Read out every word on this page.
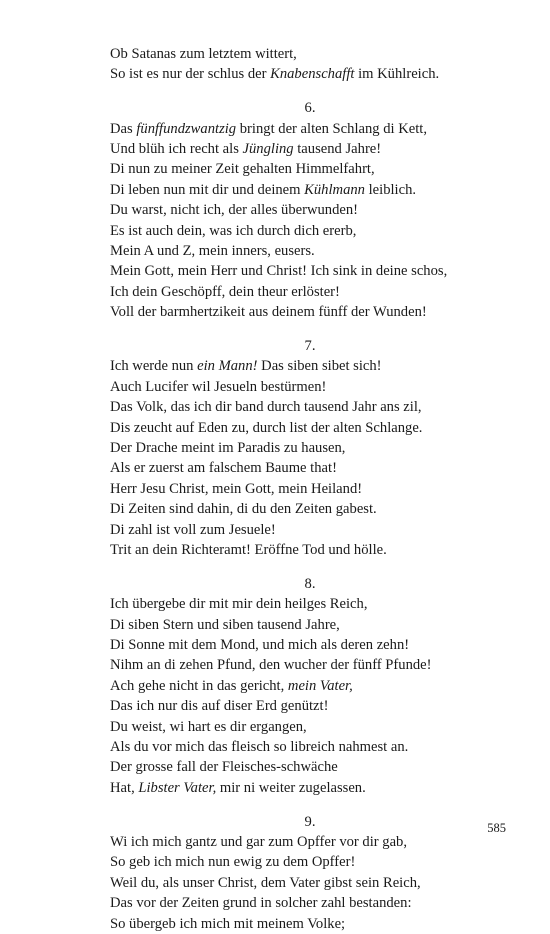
Ob Satanas zum letztem wittert,
So ist es nur der schlus der Knabenschafft im Kühlreich.
6.
Das fünffundzwantzig bringt der alten Schlang di Kett,
Und blüh ich recht als Jüngling tausend Jahre!
Di nun zu meiner Zeit gehalten Himmelfahrt,
Di leben nun mit dir und deinem Kühlmann leiblich.
Du warst, nicht ich, der alles überwunden!
Es ist auch dein, was ich durch dich ererb,
Mein A und Z, mein inners, eusers.
Mein Gott, mein Herr und Christ! Ich sink in deine schos,
Ich dein Geschöpff, dein theur erlöster!
Voll der barmhertzikeit aus deinem fünff der Wunden!
7.
Ich werde nun ein Mann! Das siben sibet sich!
Auch Lucifer wil Jesueln bestürmen!
Das Volk, das ich dir band durch tausend Jahr ans zil,
Dis zeucht auf Eden zu, durch list der alten Schlange.
Der Drache meint im Paradis zu hausen,
Als er zuerst am falschem Baume that!
Herr Jesu Christ, mein Gott, mein Heiland!
Di Zeiten sind dahin, di du den Zeiten gabest.
Di zahl ist voll zum Jesuele!
Trit an dein Richteramt! Eröffne Tod und hölle.
8.
Ich übergebe dir mit mir dein heilges Reich,
Di siben Stern und siben tausend Jahre,
Di Sonne mit dem Mond, und mich als deren zehn!
Nihm an di zehen Pfund, den wucher der fünff Pfunde!
Ach gehe nicht in das gericht, mein Vater,
Das ich nur dis auf diser Erd genützt!
Du weist, wi hart es dir ergangen,
Als du vor mich das fleisch so libreich nahmest an.
Der grosse fall der Fleisches-schwäche
Hat, Libster Vater, mir ni weiter zugelassen.
9.
Wi ich mich gantz und gar zum Opffer vor dir gab,
So geb ich mich nun ewig zu dem Opffer!
Weil du, als unser Christ, dem Vater gibst sein Reich,
Das vor der Zeiten grund in solcher zahl bestanden:
So übergeb ich mich mit meinem Volke;
585
